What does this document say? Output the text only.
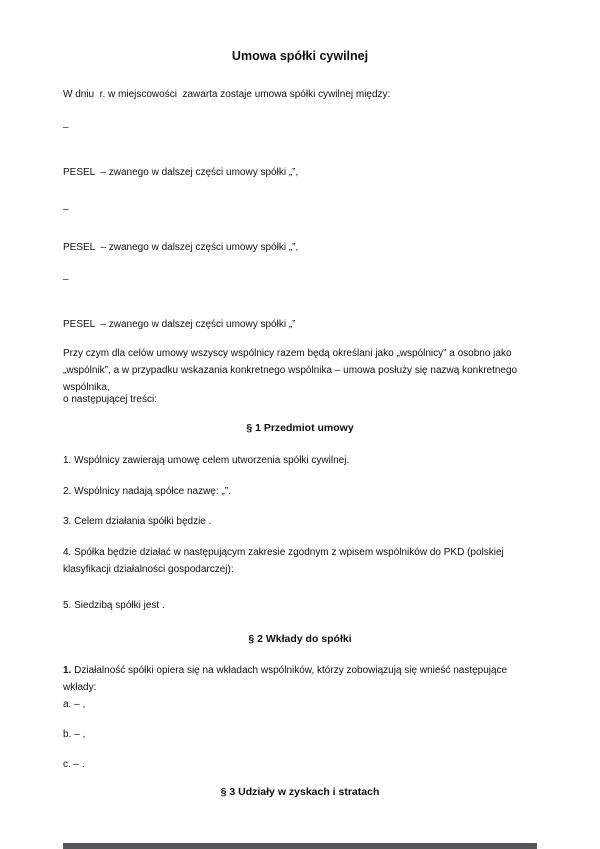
Umowa spółki cywilnej
W dniu  r. w miejscowości  zawarta zostaje umowa spółki cywilnej między:
–
PESEL  – zwanego w dalszej części umowy spółki „”,
–
PESEL  – zwanego w dalszej części umowy spółki „”,
–
PESEL  – zwanego w dalszej części umowy spółki „”
Przy czym dla celów umowy wszyscy wspólnicy razem będą określani jako „wspólnicy” a osobno jako „wspólnik”, a w przypadku wskazania konkretnego wspólnika – umowa posłuży się nazwą konkretnego wspólnika,
o następującej treści:
§ 1 Przedmiot umowy
1. Wspólnicy zawierają umowę celem utworzenia spółki cywilnej.
2. Wspólnicy nadają spółce nazwę: „”.
3. Celem działania spółki będzie .
4. Spółka będzie działać w następującym zakresie zgodnym z wpisem wspólników do PKD (polskiej klasyfikacji działalności gospodarczej):
5. Siedzibą spółki jest .
§ 2 Wkłady do spółki
1. Działalność spółki opiera się na wkładach wspólników, którzy zobowiązują się wnieść następujące wkłady:
a. – ,
b. – ,
c. – .
§ 3 Udziały w zyskach i stratach
